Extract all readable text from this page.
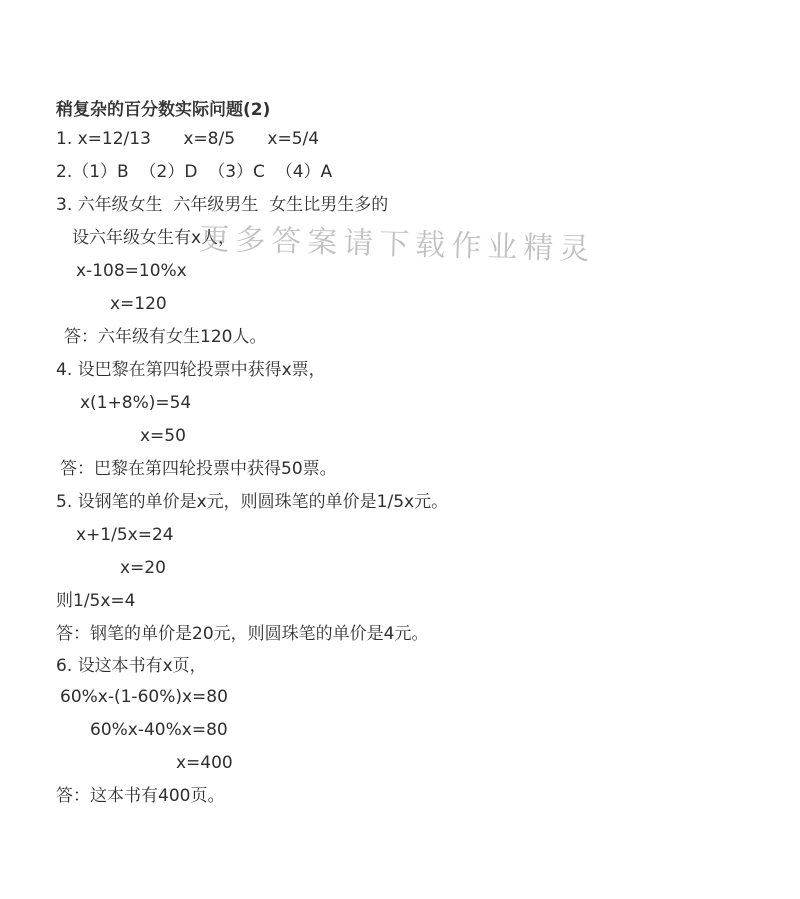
稍复杂的百分数实际问题(2)
1. x=12/13      x=8/5      x=5/4
2.（1）B  （2）D  （3）C  （4）A
3. 六年级女生  六年级男生  女生比男生多的
设六年级女生有x人，
x-108=10%x
x=120
答：六年级有女生120人。
4. 设巴黎在第四轮投票中获得x票，
x(1+8%)=54
x=50
答：巴黎在第四轮投票中获得50票。
5. 设钢笔的单价是x元，则圆珠笔的单价是1/5x元。
x+1/5x=24
x=20
则1/5x=4
答：钢笔的单价是20元，则圆珠笔的单价是4元。
6. 设这本书有x页，
60%x-(1-60%)x=80
60%x-40%x=80
x=400
答：这本书有400页。
更多答案请下载作业精灵
